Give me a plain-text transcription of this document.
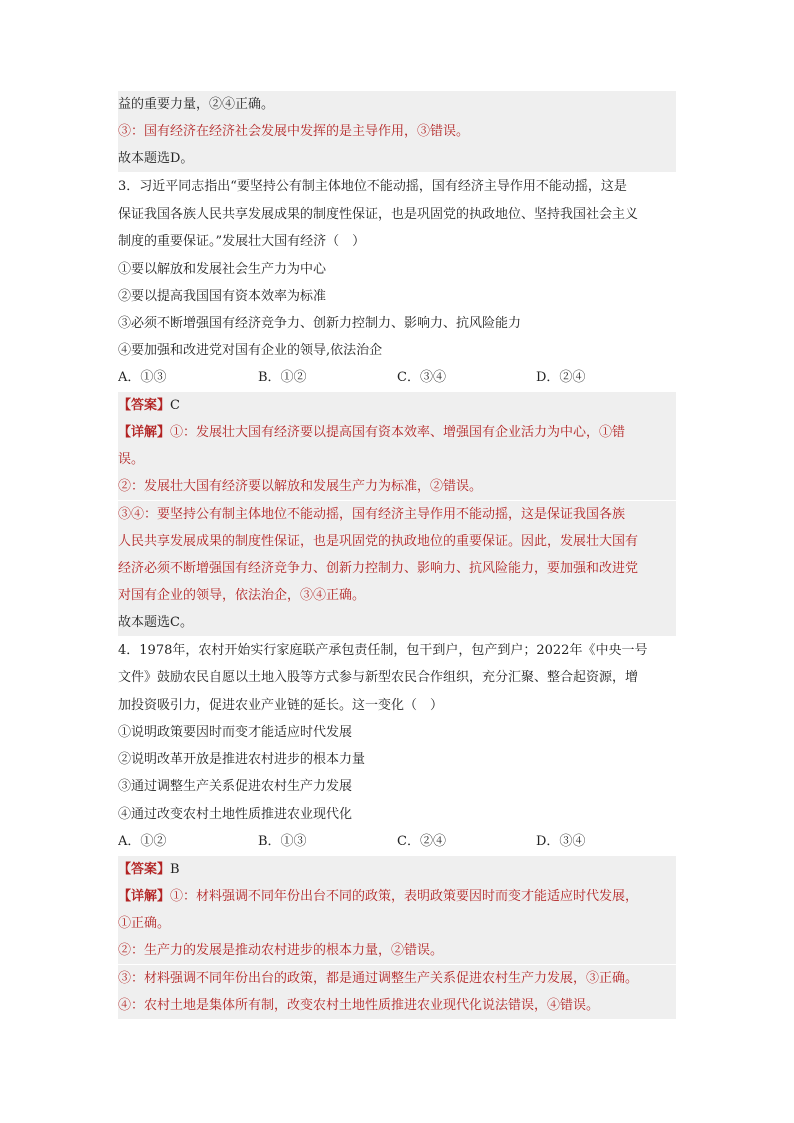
益的重要力量，②④正确。
③：国有经济在经济社会发展中发挥的是主导作用，③错误。
故本题选D。
3．习近平同志指出“要坚持公有制主体地位不能动摇，国有经济主导作用不能动摇，这是
保证我国各族人民共享发展成果的制度性保证，也是巩固党的执政地位、坚持我国社会主义
制度的重要保证。”发展壮大国有经济（　）
①要以解放和发展社会生产力为中心
②要以提高我国国有资本效率为标准
③必须不断增强国有经济竞争力、创新力控制力、影响力、抗风险能力
④要加强和改进党对国有企业的领导,依法治企
A．①③	B．①②	C．③④	D．②④
【答案】C
【详解】①：发展壮大国有经济要以提高国有资本效率、增强国有企业活力为中心，①错
误。
②：发展壮大国有经济要以解放和发展生产力为标准，②错误。
③④：要坚持公有制主体地位不能动摇，国有经济主导作用不能动摇，这是保证我国各族
人民共享发展成果的制度性保证，也是巩固党的执政地位的重要保证。因此，发展壮大国有
经济必须不断增强国有经济竞争力、创新力控制力、影响力、抗风险能力，要加强和改进党
对国有企业的领导，依法治企，③④正确。
故本题选C。
4．1978年，农村开始实行家庭联产承包责任制，包干到户，包产到户；2022年《中央一号
文件》鼓励农民自愿以土地入股等方式参与新型农民合作组织，充分汇聚、整合起资源，增
加投资吸引力，促进农业产业链的延长。这一变化（　）
①说明政策要因时而变才能适应时代发展
②说明改革开放是推进农村进步的根本力量
③通过调整生产关系促进农村生产力发展
④通过改变农村土地性质推进农业现代化
A．①②	B．①③	C．②④	D．③④
【答案】B
【详解】①：材料强调不同年份出台不同的政策，表明政策要因时而变才能适应时代发展，
①正确。
②：生产力的发展是推动农村进步的根本力量，②错误。
③：材料强调不同年份出台的政策，都是通过调整生产关系促进农村生产力发展，③正确。
④：农村土地是集体所有制，改变农村土地性质推进农业现代化说法错误，④错误。
